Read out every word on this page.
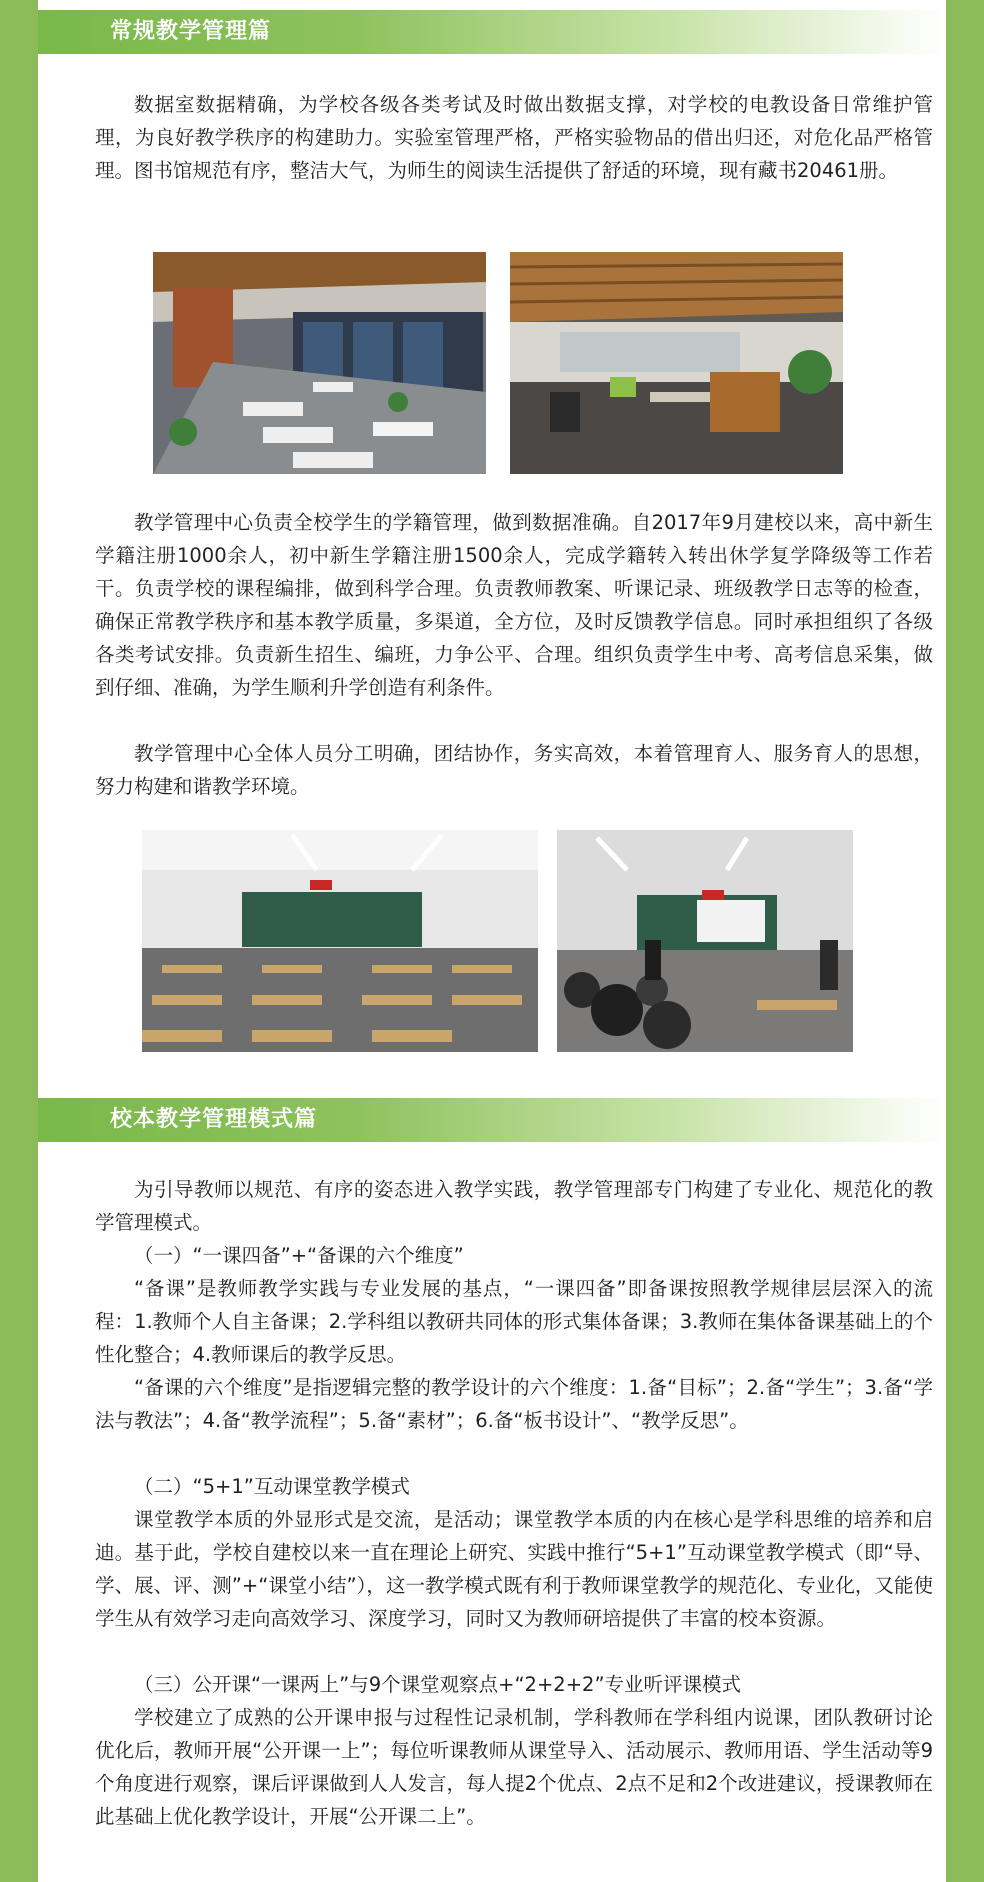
常规教学管理篇

数据室数据精确，为学校各级各类考试及时做出数据支撑，对学校的电教设备日常维护管理，为良好教学秩序的构建助力。实验室管理严格，严格实验物品的借出归还，对危化品严格管理。图书馆规范有序，整洁大气，为师生的阅读生活提供了舒适的环境，现有藏书20461册。

教学管理中心负责全校学生的学籍管理，做到数据准确。自2017年9月建校以来，高中新生学籍注册1000余人，初中新生学籍注册1500余人，完成学籍转入转出休学复学降级等工作若干。负责学校的课程编排，做到科学合理。负责教师教案、听课记录、班级教学日志等的检查，确保正常教学秩序和基本教学质量，多渠道，全方位，及时反馈教学信息。同时承担组织了各级各类考试安排。负责新生招生、编班，力争公平、合理。组织负责学生中考、高考信息采集，做到仔细、准确，为学生顺利升学创造有利条件。

教学管理中心全体人员分工明确，团结协作，务实高效，本着管理育人、服务育人的思想，努力构建和谐教学环境。

校本教学管理模式篇

为引导教师以规范、有序的姿态进入教学实践，教学管理部专门构建了专业化、规范化的教学管理模式。

（一）“一课四备”+“备课的六个维度”

“备课”是教师教学实践与专业发展的基点，“一课四备”即备课按照教学规律层层深入的流程：1.教师个人自主备课；2.学科组以教研共同体的形式集体备课；3.教师在集体备课基础上的个性化整合；4.教师课后的教学反思。

“备课的六个维度”是指逻辑完整的教学设计的六个维度：1.备“目标”；2.备“学生”；3.备“学法与教法”；4.备“教学流程”；5.备“素材”；6.备“板书设计”、“教学反思”。

（二）“5+1”互动课堂教学模式

课堂教学本质的外显形式是交流，是活动；课堂教学本质的内在核心是学科思维的培养和启迪。基于此，学校自建校以来一直在理论上研究、实践中推行“5+1”互动课堂教学模式（即“导、学、展、评、测”+“课堂小结”），这一教学模式既有利于教师课堂教学的规范化、专业化，又能使学生从有效学习走向高效学习、深度学习，同时又为教师研培提供了丰富的校本资源。

（三）公开课“一课两上”与9个课堂观察点+“2+2+2”专业听评课模式

学校建立了成熟的公开课申报与过程性记录机制，学科教师在学科组内说课，团队教研讨论优化后，教师开展“公开课一上”；每位听课教师从课堂导入、活动展示、教师用语、学生活动等9个角度进行观察，课后评课做到人人发言，每人提2个优点、2点不足和2个改进建议，授课教师在此基础上优化教学设计，开展“公开课二上”。
